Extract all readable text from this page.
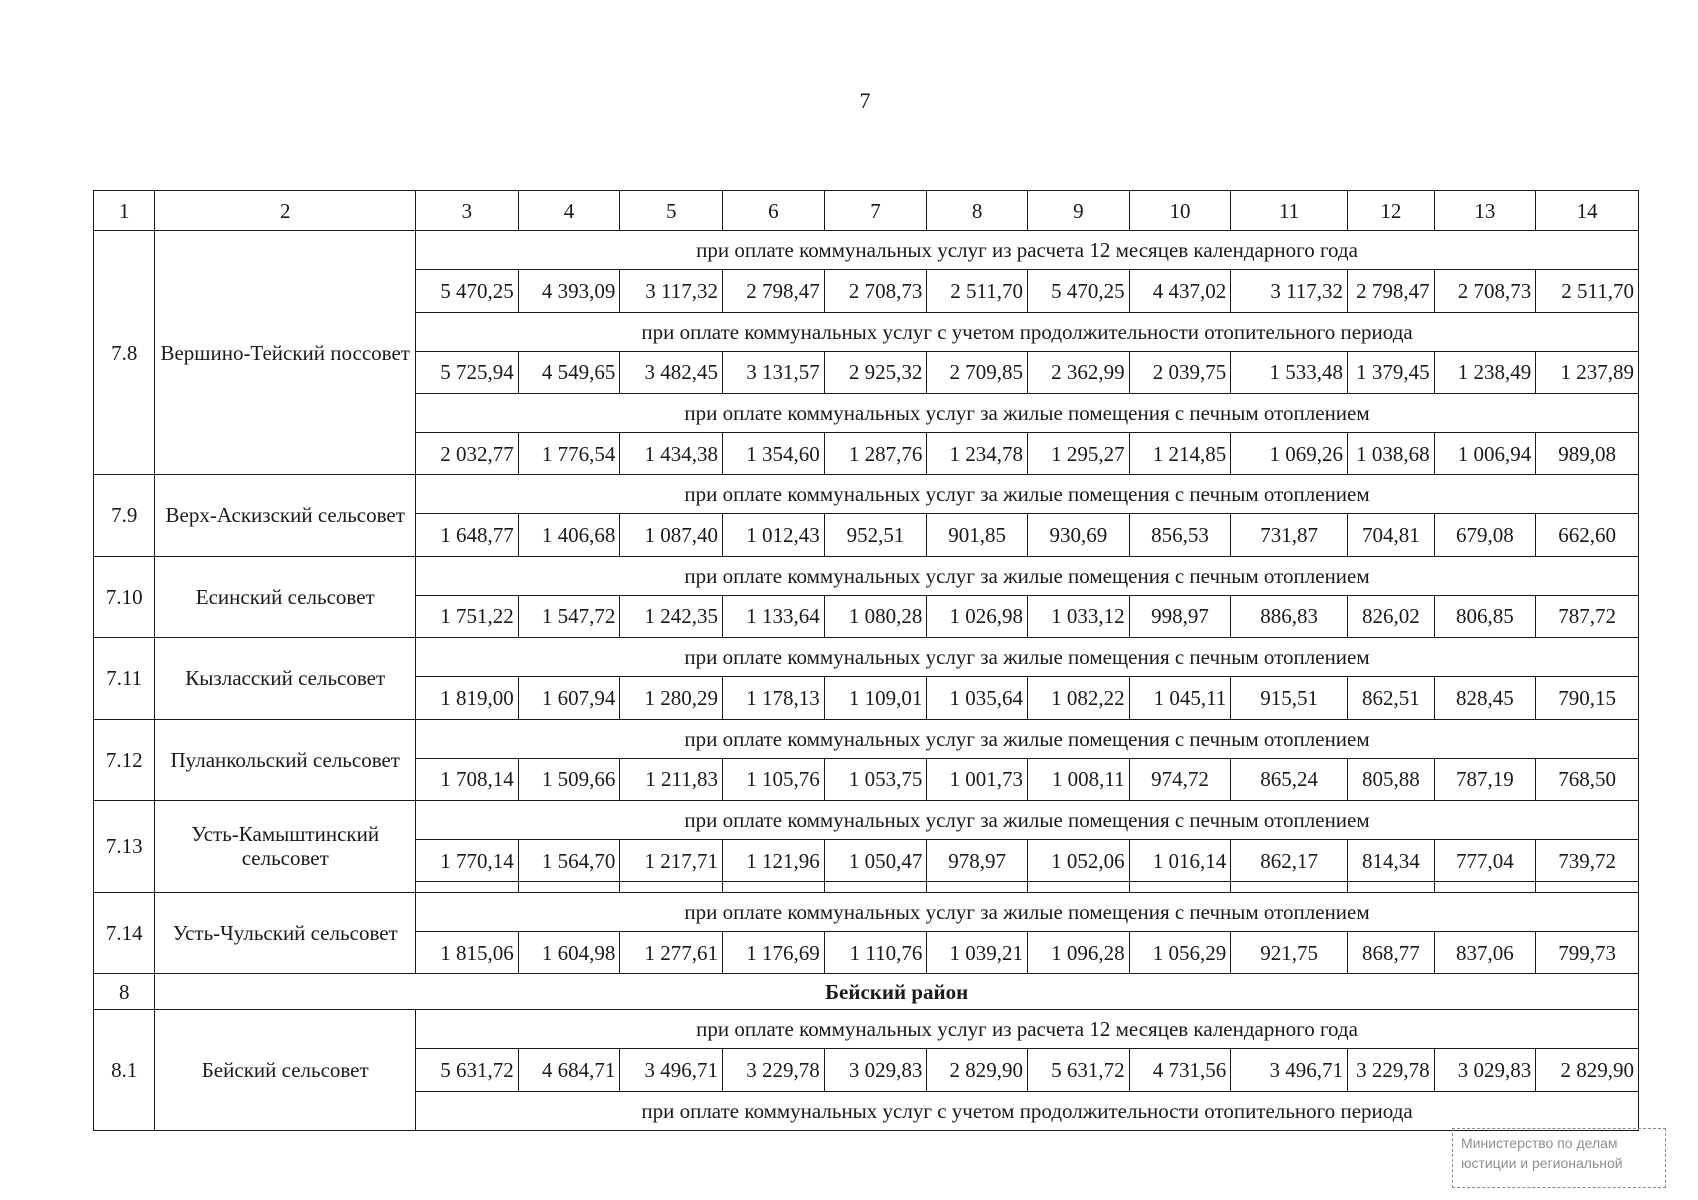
7
1	2	3	4	5	6	7	8	9	10	11	12	13	14
7.8	Вершино-Тейский поссовет	при оплате коммунальных услуг из расчета 12 месяцев календарного года											
		5 470,25	4 393,09	3 117,32	2 798,47	2 708,73	2 511,70	5 470,25	4 437,02	3 117,32	2 798,47	2 708,73	2 511,70
		при оплате коммунальных услуг с учетом продолжительности отопительного периода											
		5 725,94	4 549,65	3 482,45	3 131,57	2 925,32	2 709,85	2 362,99	2 039,75	1 533,48	1 379,45	1 238,49	1 237,89
		при оплате коммунальных услуг за жилые помещения с печным отоплением											
		2 032,77	1 776,54	1 434,38	1 354,60	1 287,76	1 234,78	1 295,27	1 214,85	1 069,26	1 038,68	1 006,94	989,08
7.9	Верх-Аскизский сельсовет	при оплате коммунальных услуг за жилые помещения с печным отоплением											
		1 648,77	1 406,68	1 087,40	1 012,43	952,51	901,85	930,69	856,53	731,87	704,81	679,08	662,60
7.10	Есинский сельсовет	при оплате коммунальных услуг за жилые помещения с печным отоплением											
		1 751,22	1 547,72	1 242,35	1 133,64	1 080,28	1 026,98	1 033,12	998,97	886,83	826,02	806,85	787,72
7.11	Кызласский сельсовет	при оплате коммунальных услуг за жилые помещения с печным отоплением											
		1 819,00	1 607,94	1 280,29	1 178,13	1 109,01	1 035,64	1 082,22	1 045,11	915,51	862,51	828,45	790,15
7.12	Пуланкольский сельсовет	при оплате коммунальных услуг за жилые помещения с печным отоплением											
		1 708,14	1 509,66	1 211,83	1 105,76	1 053,75	1 001,73	1 008,11	974,72	865,24	805,88	787,19	768,50
7.13	Усть-Камыштинский сельсовет	при оплате коммунальных услуг за жилые помещения с печным отоплением											
		1 770,14	1 564,70	1 217,71	1 121,96	1 050,47	978,97	1 052,06	1 016,14	862,17	814,34	777,04	739,72

7.14	Усть-Чульский сельсовет	при оплате коммунальных услуг за жилые помещения с печным отоплением											
		1 815,06	1 604,98	1 277,61	1 176,69	1 110,76	1 039,21	1 096,28	1 056,29	921,75	868,77	837,06	799,73
8	Бейский район												
8.1	Бейский сельсовет	при оплате коммунальных услуг из расчета 12 месяцев календарного года											
		5 631,72	4 684,71	3 496,71	3 229,78	3 029,83	2 829,90	5 631,72	4 731,56	3 496,71	3 229,78	3 029,83	2 829,90
		при оплате коммунальных услуг с учетом продолжительности отопительного периода											
Министерство по делам
юстиции и региональной
